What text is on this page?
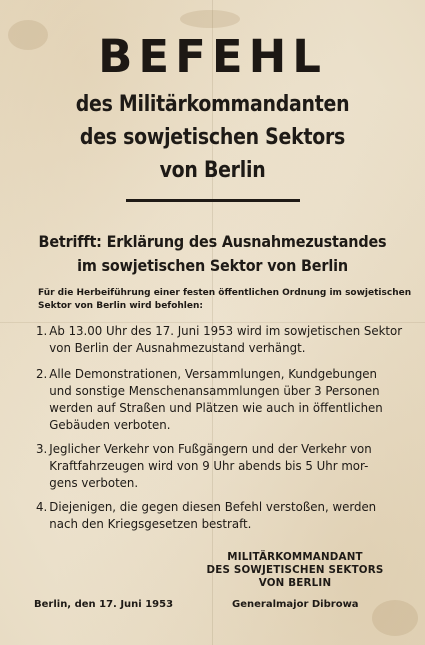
BEFEHL
des Militärkommandanten
des sowjetischen Sektors
von Berlin
Betrifft: Erklärung des Ausnahmezustandes
im sowjetischen Sektor von Berlin
Für die Herbeiführung einer festen öffentlichen Ordnung im sowjetischen
Sektor von Berlin wird befohlen:
1. Ab 13.00 Uhr des 17. Juni 1953 wird im sowjetischen Sektor
von Berlin der Ausnahmezustand verhängt.
2. Alle Demonstrationen, Versammlungen, Kundgebungen
und sonstige Menschenansammlungen über 3 Personen
werden auf Straßen und Plätzen wie auch in öffentlichen
Gebäuden verboten.
3. Jeglicher Verkehr von Fußgängern und der Verkehr von
Kraftfahrzeugen wird von 9 Uhr abends bis 5 Uhr mor-
gens verboten.
4. Diejenigen, die gegen diesen Befehl verstoßen, werden
nach den Kriegsgesetzen bestraft.
MILITÄRKOMMANDANT
DES SOWJETISCHEN SEKTORS
VON BERLIN
Berlin, den 17. Juni 1953	Generalmajor Dibrowa
